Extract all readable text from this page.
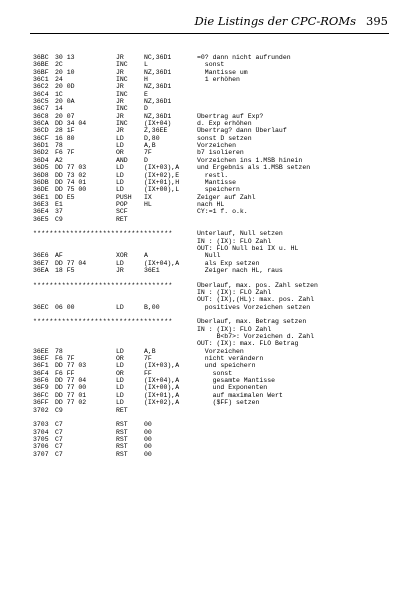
Die Listings der CPC-ROMs 395
36BC 30 13	JR	NC,36D1	=0? dann nicht aufrunden
36BE 2C	INC	L	sonst
36BF 20 10	JR	NZ,36D1	Mantisse um
36C1 24	INC	H	1 erhöhen
36C2 20 0D	JR	NZ,36D1
36C4 1C	INC	E
36C5 20 0A	JR	NZ,36D1
36C7 14	INC	D
36C8 20 07	JR	NZ,36D1	Übertrag auf Exp?
36CA DD 34 04	INC	(IX+04)	d. Exp erhöhen
36CD 28 1F	JR	Z,36EE	Übertrag? dann Überlauf
36CF 16 80	LD	D,80	sonst D setzen
36D1 78	LD	A,B	Vorzeichen
36D2 F6 7F	OR	7F	b7 isolieren
36D4 A2	AND	D	Vorzeichen ins 1.MSB hinein
36D5 DD 77 03	LD	(IX+03),A	und Ergebnis als 1.MSB setzen
36D8 DD 73 02	LD	(IX+02),E	restl.
36DB DD 74 01	LD	(IX+01),H	Mantisse
36DE DD 75 00	LD	(IX+00),L	speichern
36E1 DD E5	PUSH IX	Zeiger auf Zahl
36E3 E1	POP	HL	nach HL
36E4 37	SCF	CY:=1 f. o.k.
36E5 C9	RET
**********************************	Unterlauf, Null setzen
IN : (IX): FLO Zahl
OUT: FLO Null bei IX u. HL
36E6 AF	XOR	A	Null
36E7 DD 77 04	LD	(IX+04),A	als Exp setzen
36EA 18 F5	JR	36E1	Zeiger nach HL, raus
**********************************	Überlauf, max. pos. Zahl setzen
IN : (IX): FLO Zahl
OUT: (IX),(HL): max. pos. Zahl
36EC 06 00	LD	B,00	positives Vorzeichen setzen
**********************************	Überlauf, max. Betrag setzen
IN : (IX): FLO Zahl
B<b7>: Vorzeichen d. Zahl
OUT: (IX): max. FLO Betrag
36EE 78	LD	A,B	Vorzeichen
36EF F6 7F	OR	7F	nicht verändern
36F1 DD 77 03	LD	(IX+03),A	und speichern
36F4 F6 FF	OR	FF	sonst
36F6 DD 77 04	LD	(IX+04),A	gesamte Mantisse
36F9 DD 77 00	LD	(IX+00),A	und Exponenten
36FC DD 77 01	LD	(IX+01),A	auf maximalen Wert
36FF DD 77 02	LD	(IX+02),A	($FF) setzen
3702 C9	RET
3703 C7	RST	00
3704 C7	RST	00
3705 C7	RST	00
3706 C7	RST	00
3707 C7	RST	00
